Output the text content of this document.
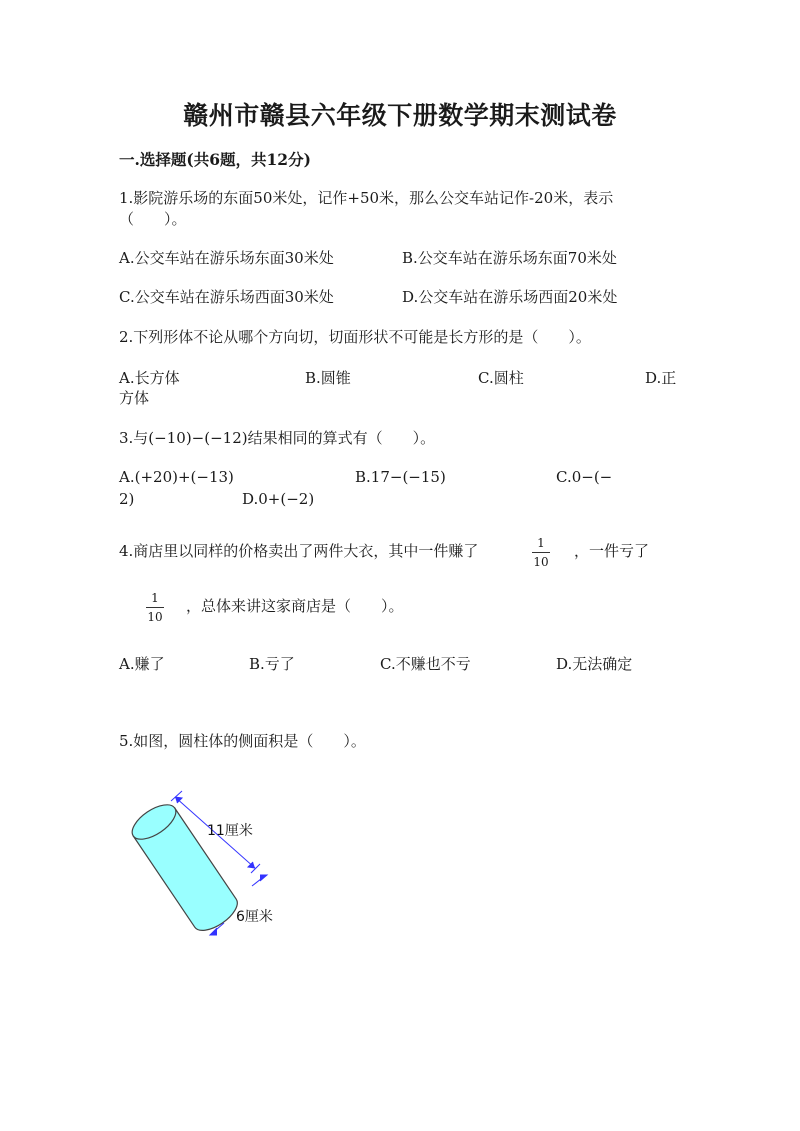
赣州市赣县六年级下册数学期末测试卷
一.选择题(共6题，共12分)
1.影院游乐场的东面50米处，记作+50米，那么公交车站记作-20米，表示
（　　）。
A.公交车站在游乐场东面30米处	B.公交车站在游乐场东面70米处
C.公交车站在游乐场西面30米处	D.公交车站在游乐场西面20米处
2.下列形体不论从哪个方向切，切面形状不可能是长方形的是（　　）。
A.长方体	B.圆锥	C.圆柱	D.正
方体
3.与(−10)−(−12)结果相同的算式有（　　）。
A.(+20)+(−13)	B.17−(−15)	C.0−(−
2)	D.0+(−2)
4.商店里以同样的价格卖出了两件大衣，其中一件赚了	1
10
，一件亏了
1
10
，总体来讲这家商店是（　　）。
A.赚了	B.亏了	C.不赚也不亏	D.无法确定
5.如图，圆柱体的侧面积是（　　）。
11厘米
6厘米
